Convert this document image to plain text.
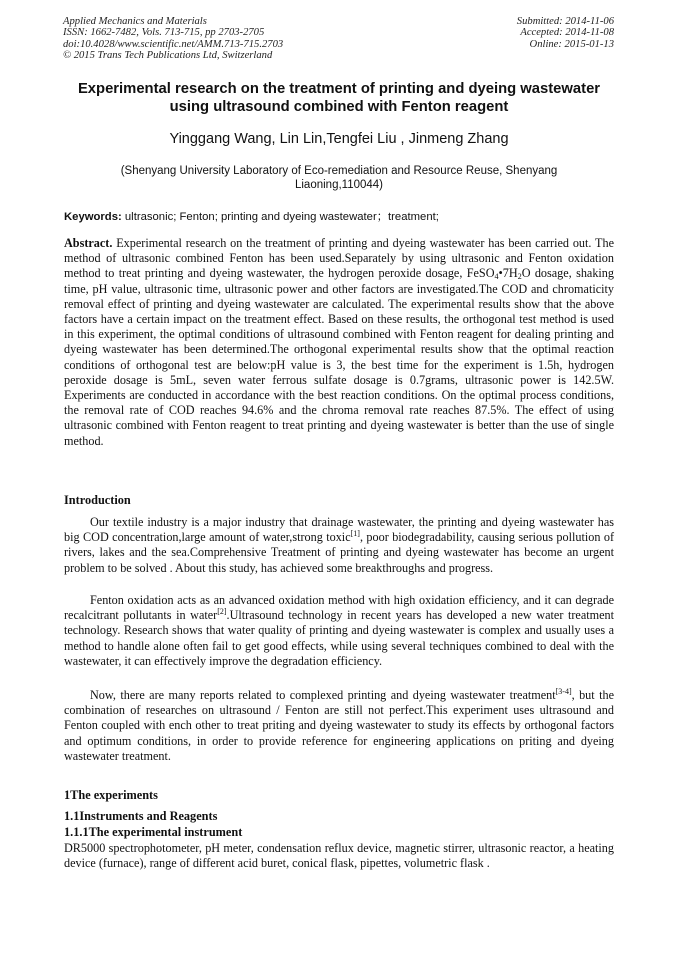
Applied Mechanics and Materials
ISSN: 1662-7482, Vols. 713-715, pp 2703-2705
doi:10.4028/www.scientific.net/AMM.713-715.2703
© 2015 Trans Tech Publications Ltd, Switzerland
Submitted: 2014-11-06
Accepted: 2014-11-08
Online: 2015-01-13
Experimental research on the treatment of printing and dyeing wastewater using ultrasound combined with Fenton reagent
Yinggang Wang, Lin Lin,Tengfei Liu , Jinmeng Zhang
(Shenyang University Laboratory of Eco-remediation and Resource Reuse, Shenyang Liaoning,110044)
Keywords: ultrasonic; Fenton; printing and dyeing wastewater；treatment;
Abstract. Experimental research on the treatment of printing and dyeing wastewater has been carried out. The method of ultrasonic combined Fenton has been used.Separately by using ultrasonic and Fenton oxidation method to treat printing and dyeing wastewater, the hydrogen peroxide dosage, $FeSO_4•7H_2O$ dosage, shaking time, pH value, ultrasonic time, ultrasonic power and other factors are investigated.The COD and chromaticity removal effect of printing and dyeing wastewater are calculated. The experimental results show that the above factors have a certain impact on the treatment effect. Based on these results, the orthogonal test method is used in this experiment, the optimal conditions of ultrasound combined with Fenton reagent for dealing printing and dyeing wastewater has been determined.The orthogonal experimental results show that the optimal reaction conditions of orthogonal test are below:pH value is 3, the best time for the experiment is 1.5h, hydrogen peroxide dosage is 5mL, seven water ferrous sulfate dosage is 0.7grams, ultrasonic power is 142.5W. Experiments are conducted in accordance with the best reaction conditions. On the optimal process conditions, the removal rate of COD reaches 94.6% and the chroma removal rate reaches 87.5%. The effect of using ultrasonic combined with Fenton reagent to treat printing and dyeing wastewater is better than the use of single method.
Introduction
Our textile industry is a major industry that drainage wastewater, the printing and dyeing wastewater has big COD concentration,large amount of water,strong toxic[1], poor biodegradability, causing serious pollution of rivers, lakes and the sea.Comprehensive Treatment of printing and dyeing wastewater has become an urgent problem to be solved . About this study, has achieved some breakthroughs and progress.
Fenton oxidation acts as an advanced oxidation method with high oxidation efficiency, and it can degrade recalcitrant pollutants in water[2].Ultrasound technology in recent years has developed a new water treatment technology. Research shows that water quality of printing and dyeing wastewater is complex and usually uses a method to handle alone often fail to get good effects, while using several techniques combined to deal with the wastewater, it can effectively improve the degradation efficiency.
Now, there are many reports related to complexed printing and dyeing wastewater treatment[3-4], but the combination of researches on ultrasound / Fenton are still not perfect.This experiment uses ultrasound and Fenton coupled with ench other to treat priting and dyeing wastewater to study its effects by orthogonal factors and optimum conditions, in order to provide reference for engineering applications on priting and dyeing wastewater treatment.
1The experiments
1.1Instruments and Reagents
1.1.1The experimental instrument
DR5000 spectrophotometer, pH meter, condensation reflux device, magnetic stirrer, ultrasonic reactor, a heating device (furnace), range of different acid buret, conical flask, pipettes, volumetric flask .
